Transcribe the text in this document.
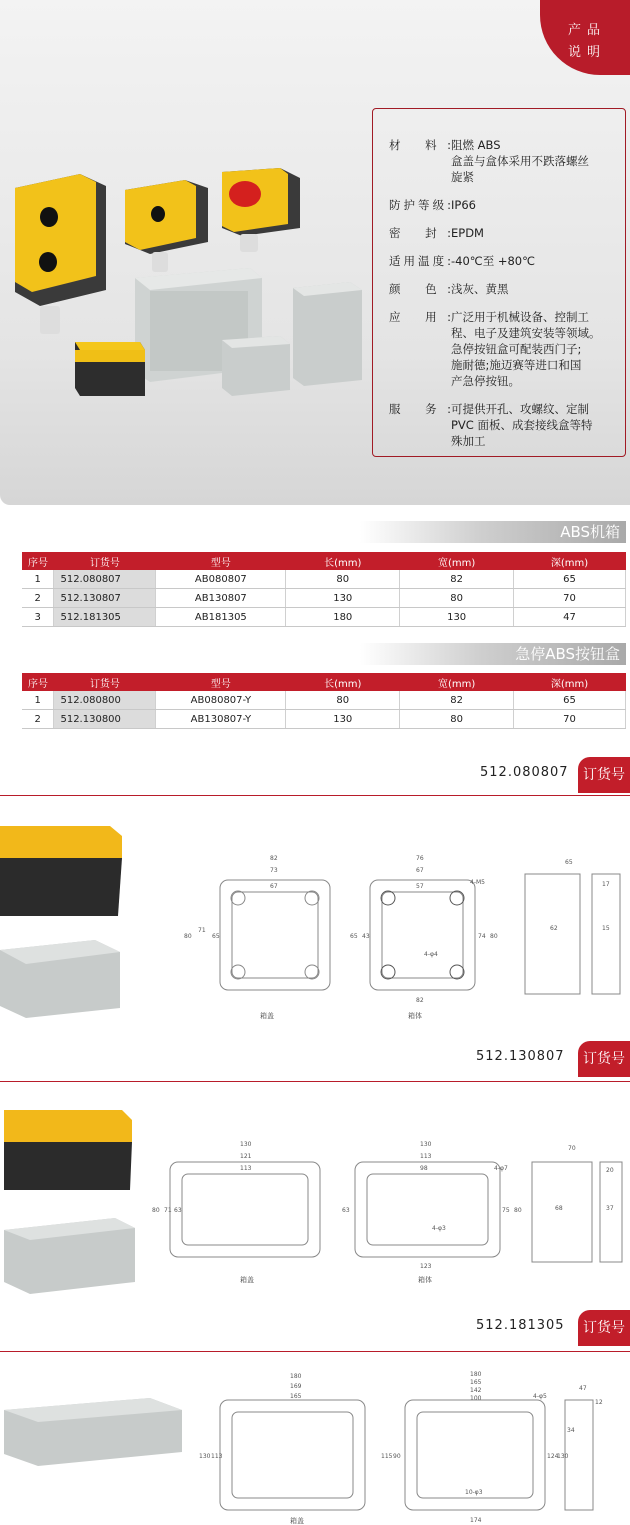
产品
说明
材 料: 阻燃 ABS
盒盖与盒体采用不跌落螺丝
旋紧
防护等级: IP66
密 封: EPDM
适用温度: -40℃至 +80℃
颜 色: 浅灰、黄黑
应 用: 广泛用于机械设备、控制工
程、电子及建筑安装等领域。
急停按钮盒可配装西门子;
施耐德;施迈赛等进口和国
产急停按钮。
服 务: 可提供开孔、攻螺纹、定制
PVC 面板、成套接线盒等特
殊加工
ABS机箱
序号	订货号	型号	长(mm)	宽(mm)	深(mm)
1	512.080807	AB080807	80	82	65
2	512.130807	AB130807	130	80	70
3	512.181305	AB181305	180	130	47
急停ABS按钮盒
序号	订货号	型号	长(mm)	宽(mm)	深(mm)
1	512.080800	AB080807-Y	80	82	65
2	512.130800	AB130807-Y	130	80	70
512.080807	订货号
82
73
67
80
71
65
76
67
57
82
65 43	74 80
4-M5
4-φ4
65
17
62	15
箱盖	箱体
512.130807	订货号
130
121
113
80 71 63
130
113
98
123
63	75 80
4-φ7
4-φ3
70
20
68	37
箱盖	箱体
512.181305	订货号
180
169
165
130 113
180
165
142
100
174
115 90	124
130
4-φ5
10-φ3
47
12
34
箱盖
